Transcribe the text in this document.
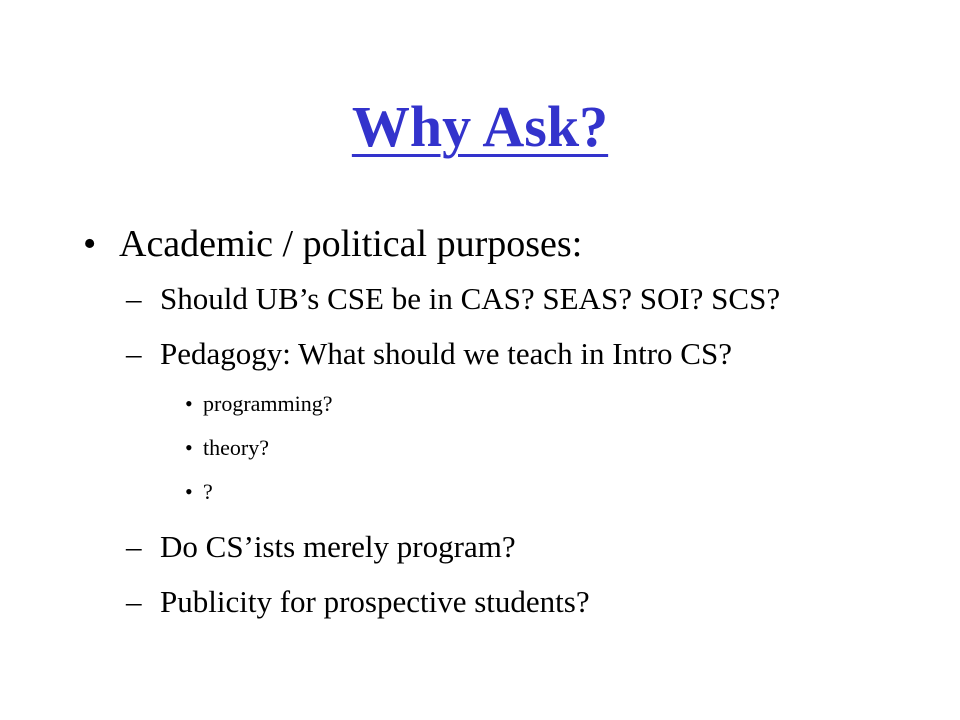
Why Ask?
• Academic / political purposes:
– Should UB’s CSE be in CAS? SEAS? SOI? SCS?
– Pedagogy: What should we teach in Intro CS?
• programming?
• theory?
• ?
– Do CS’ists merely program?
– Publicity for prospective students?
